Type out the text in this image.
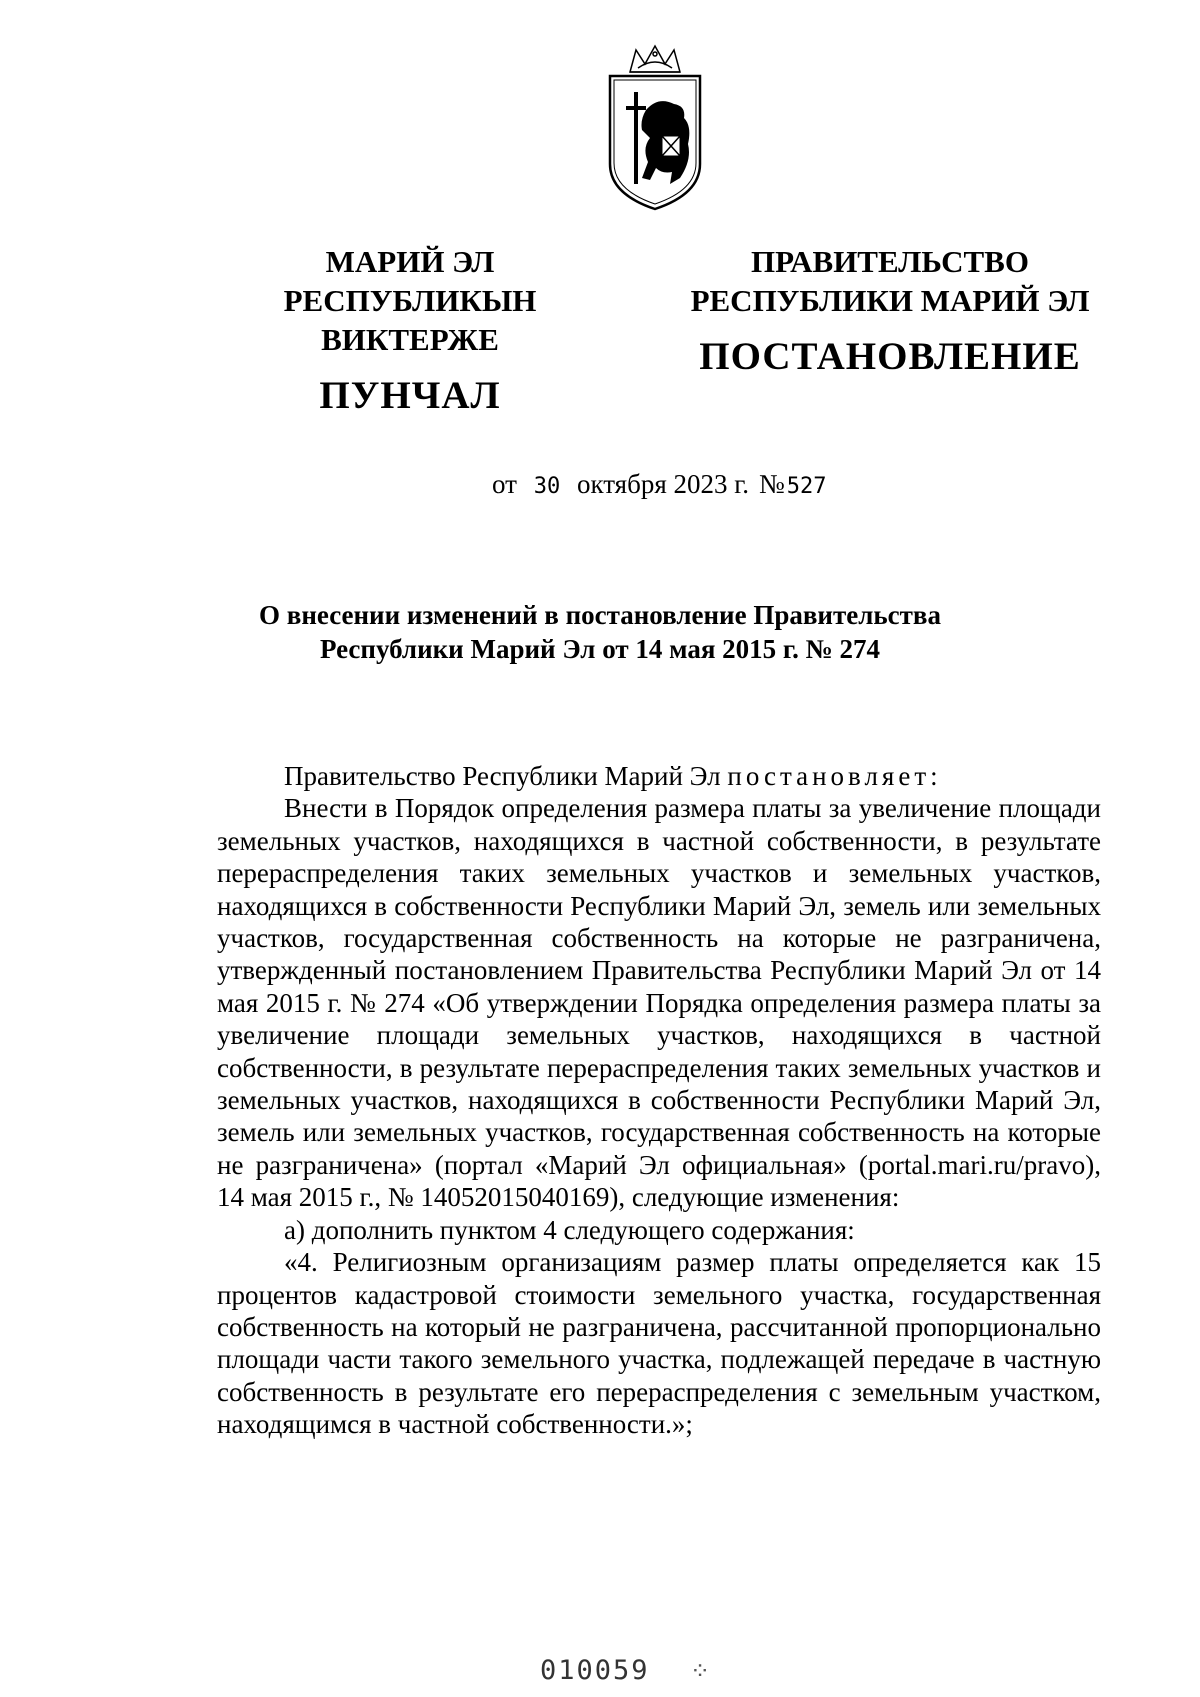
МАРИЙ ЭЛ РЕСПУБЛИКЫН
ВИКТЕРЖЕ
ПУНЧАЛ
ПРАВИТЕЛЬСТВО
РЕСПУБЛИКИ МАРИЙ ЭЛ
ПОСТАНОВЛЕНИЕ
от 30 октября 2023 г. №527
О внесении изменений в постановление Правительства
Республики Марий Эл от 14 мая 2015 г. № 274

Правительство Республики Марий Эл постановляет:

Внести в Порядок определения размера платы за увеличение площади земельных участков, находящихся в частной собственности, в результате перераспределения таких земельных участков и земельных участков, находящихся в собственности Республики Марий Эл, земель или земельных участков, государственная собственность на которые не разграничена, утвержденный постановлением Правительства Республики Марий Эл от 14 мая 2015 г. № 274 «Об утверждении Порядка определения размера платы за увеличение площади земельных участков, находящихся в частной собственности, в результате перераспределения таких земельных участков и земельных участков, находящихся в собственности Республики Марий Эл, земель или земельных участков, государственная собственность на которые не разграничена» (портал «Марий Эл официальная» (portal.mari.ru/pravo), 14 мая 2015 г., № 14052015040169), следующие изменения:

а) дополнить пунктом 4 следующего содержания:

«4. Религиозным организациям размер платы определяется как 15 процентов кадастровой стоимости земельного участка, государственная собственность на который не разграничена, рассчитанной пропорционально площади части такого земельного участка, подлежащей передаче в частную собственность в результате его перераспределения с земельным участком, находящимся в частной собственности.»;

010059 ⁘
